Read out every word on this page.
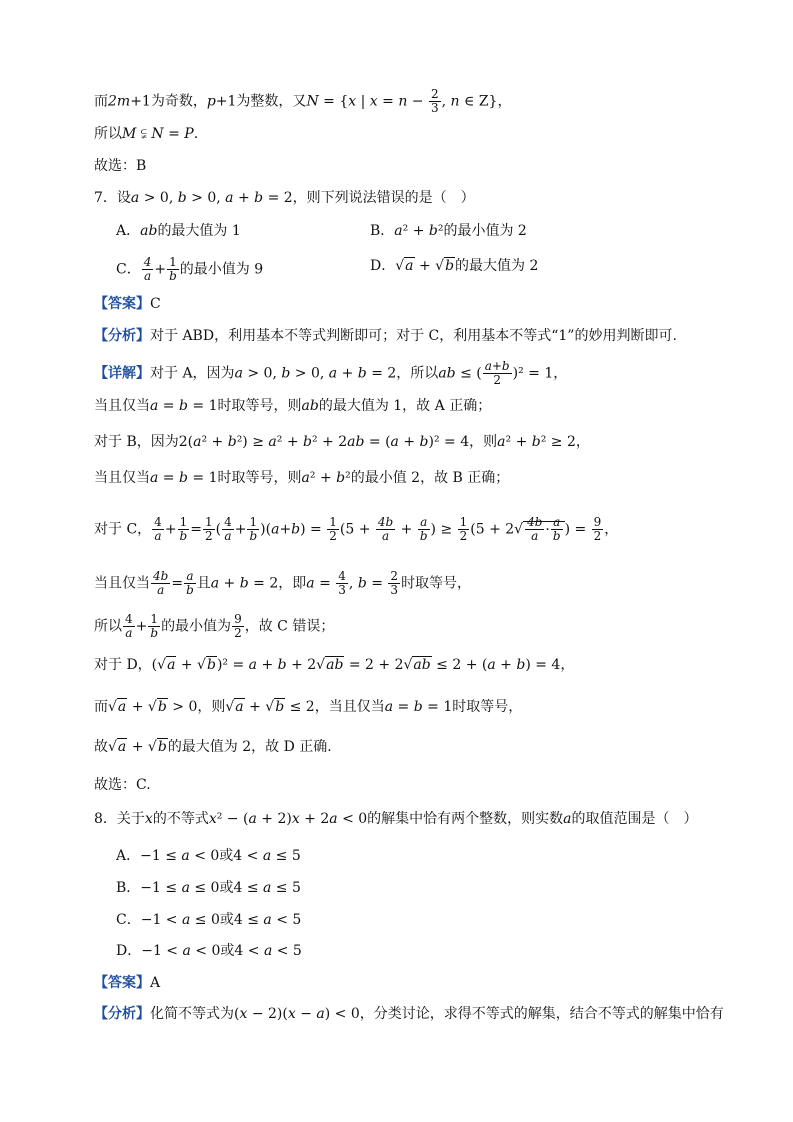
而2m+1为奇数，p+1为整数，又N = {x | $x = n - \frac{2}{3}$ , n ∈ Z}，
所以M ⫋ N = P.
故选：B
7．设a > 0, b > 0, a + b = 2，则下列说法错误的是（　）
A．ab的最大值为 1	B．a² + b²的最小值为 2
C． $\frac{4}{a} + \frac{1}{b}$ 的最小值为 9	D．√a + √b的最大值为 2
【答案】C
【分析】对于 ABD，利用基本不等式判断即可；对于 C，利用基本不等式“1”的妙用判断即可.
【详解】对于 A，因为a > 0, b > 0, a + b = 2，所以ab ≤ ( $\frac{a+b}{2} )^2 = 1$，
当且仅当a = b = 1时取等号，则ab的最大值为 1，故 A 正确；
对于 B，因为2(a² + b²) ≥ a² + b² + 2ab = (a + b)² = 4，则a² + b² ≥ 2，
当且仅当a = b = 1时取等号，则a² + b²的最小值 2，故 B 正确；
对于 C， $\frac{4}{a} + \frac{1}{b} = \frac{1}{2}$ ( $\frac{4}{a} + \frac{1}{b} )(a+b) = \frac{1}{2} (5 + \frac{4b}{a} + \frac{a}{b}$ ) ≥ $\frac{1}{2} (5 + 2√ \frac{4b}{a} \cdot \frac{a}{b}$ ) = $\frac{9}{2}$ ，
当且仅当 $\frac{4b}{a} = \frac{a}{b}$ 且a + b = 2，即$a = \frac{4}{3}$ , $b = \frac{2}{3}$ 时取等号，
所以 $\frac{4}{a} + \frac{1}{b}$ 的最小值为 $\frac{9}{2}$ ，故 C 错误；
对于 D，(√a + √b)² = a + b + 2√ab = 2 + 2√ab ≤ 2 + (a + b) = 4，
而√a + √b > 0，则√a + √b ≤ 2，当且仅当a = b = 1时取等号，
故√a + √b的最大值为 2，故 D 正确.
故选：C.
8．关于x的不等式x² − (a + 2)x + 2a < 0的解集中恰有两个整数，则实数a的取值范围是（　）
A．−1 ≤ a < 0或4 < a ≤ 5
B．−1 ≤ a ≤ 0或4 ≤ a ≤ 5
C．−1 < a ≤ 0或4 ≤ a < 5
D．−1 < a < 0或4 < a < 5
【答案】A
【分析】化简不等式为(x − 2)(x − a) < 0，分类讨论，求得不等式的解集，结合不等式的解集中恰有
